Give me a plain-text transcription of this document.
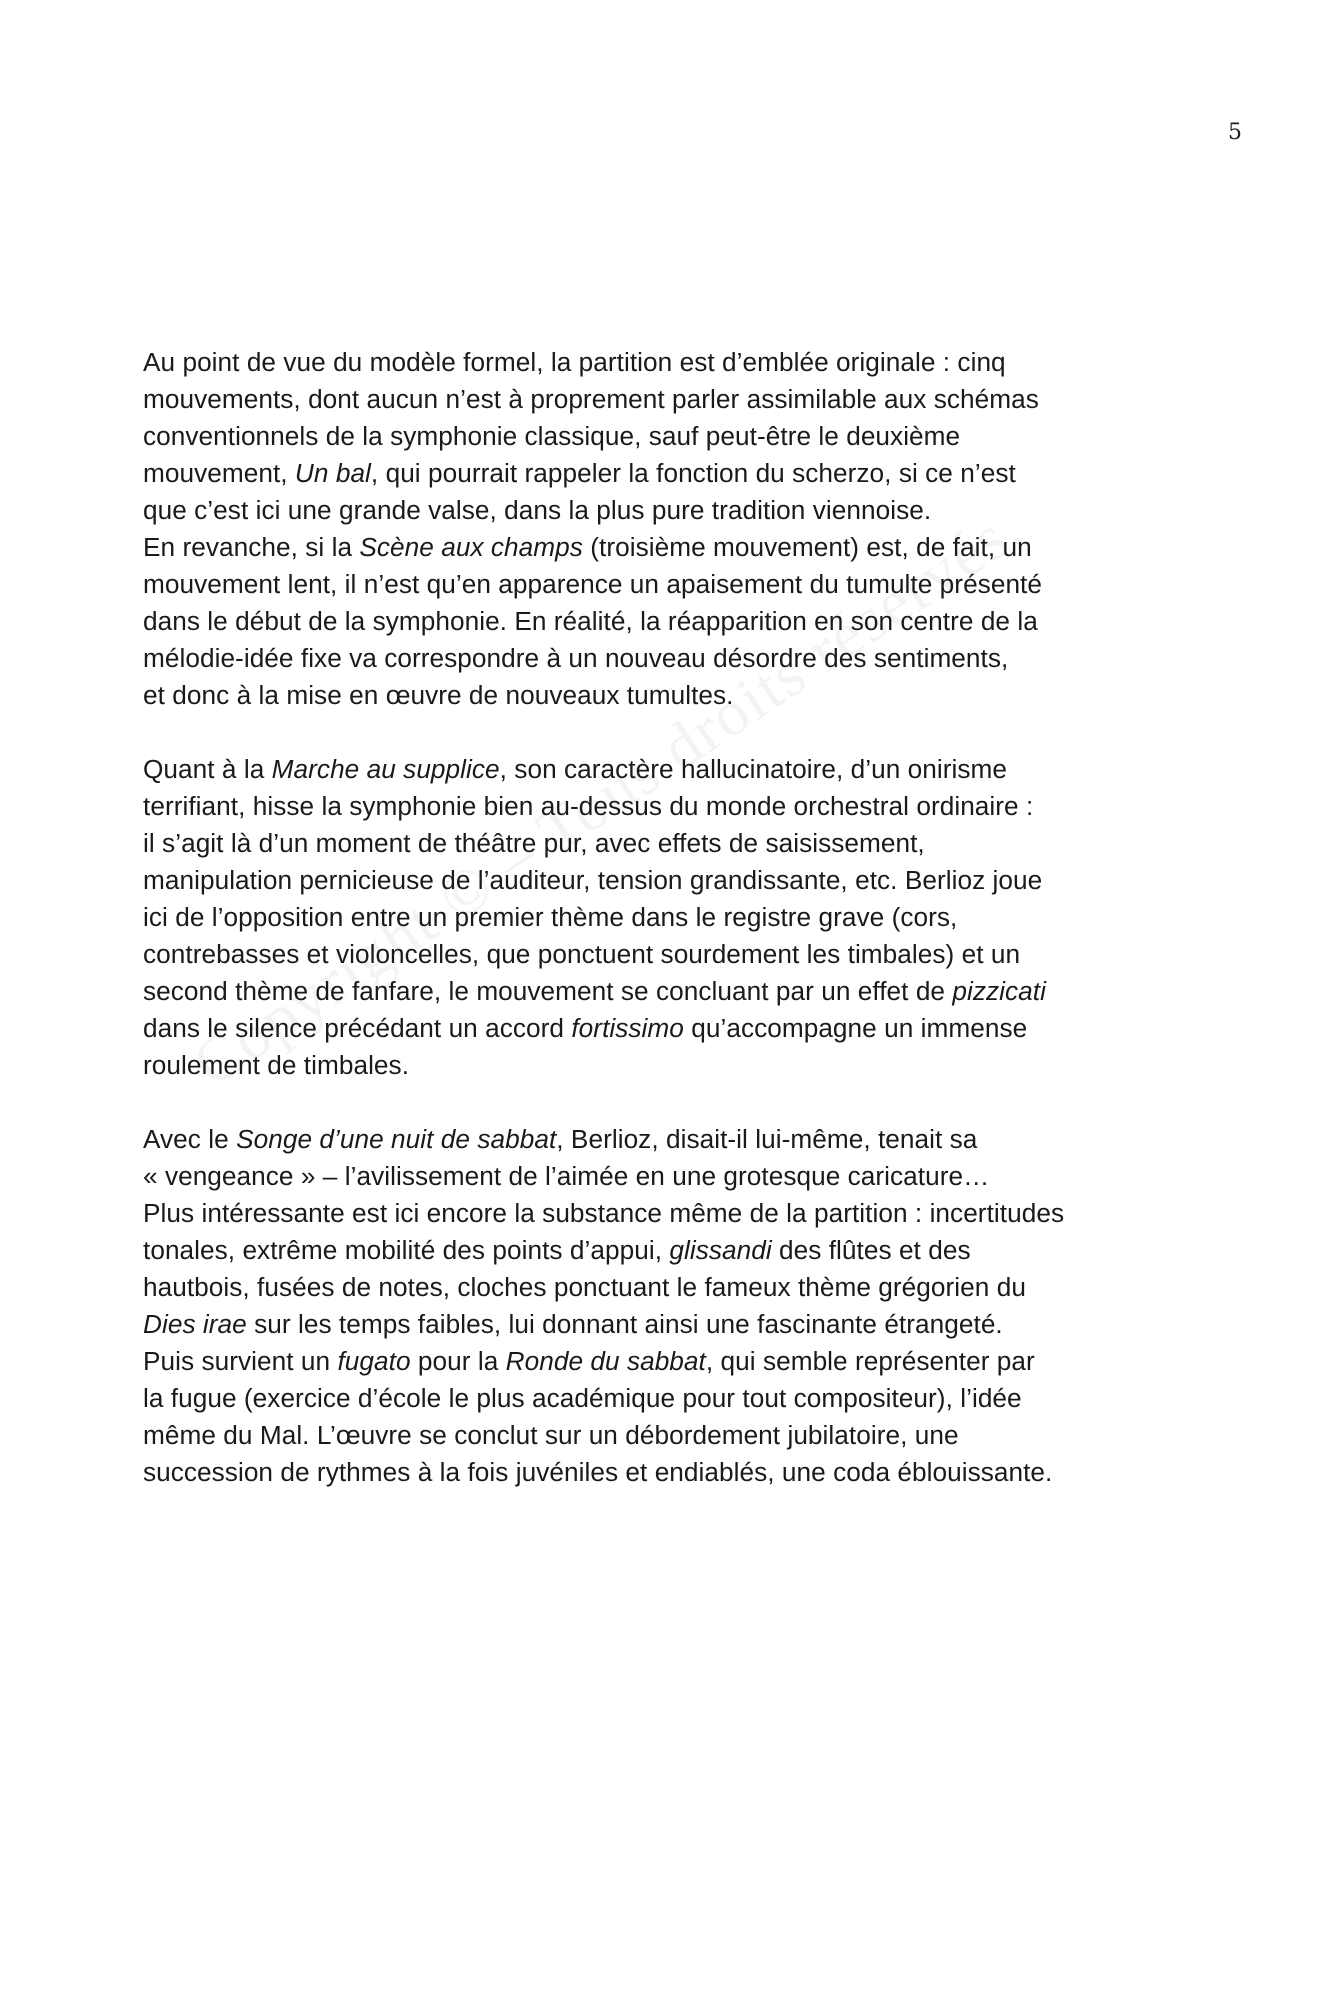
5

Au point de vue du modèle formel, la partition est d’emblée originale : cinq
mouvements, dont aucun n’est à proprement parler assimilable aux schémas
conventionnels de la symphonie classique, sauf peut-être le deuxième
mouvement, Un bal, qui pourrait rappeler la fonction du scherzo, si ce n’est
que c’est ici une grande valse, dans la plus pure tradition viennoise.

En revanche, si la Scène aux champs (troisième mouvement) est, de fait, un
mouvement lent, il n’est qu’en apparence un apaisement du tumulte présenté
dans le début de la symphonie. En réalité, la réapparition en son centre de la
mélodie-idée fixe va correspondre à un nouveau désordre des sentiments,
et donc à la mise en œuvre de nouveaux tumultes.

Quant à la Marche au supplice, son caractère hallucinatoire, d’un onirisme
terrifiant, hisse la symphonie bien au-dessus du monde orchestral ordinaire :
il s’agit là d’un moment de théâtre pur, avec effets de saisissement,
manipulation pernicieuse de l’auditeur, tension grandissante, etc. Berlioz joue
ici de l’opposition entre un premier thème dans le registre grave (cors,
contrebasses et violoncelles, que ponctuent sourdement les timbales) et un
second thème de fanfare, le mouvement se concluant par un effet de pizzicati
dans le silence précédant un accord fortissimo qu’accompagne un immense
roulement de timbales.

Avec le Songe d’une nuit de sabbat, Berlioz, disait-il lui-même, tenait sa
« vengeance » – l’avilissement de l’aimée en une grotesque caricature…
Plus intéressante est ici encore la substance même de la partition : incertitudes
tonales, extrême mobilité des points d’appui, glissandi des flûtes et des
hautbois, fusées de notes, cloches ponctuant le fameux thème grégorien du
Dies irae sur les temps faibles, lui donnant ainsi une fascinante étrangeté.
Puis survient un fugato pour la Ronde du sabbat, qui semble représenter par
la fugue (exercice d’école le plus académique pour tout compositeur), l’idée
même du Mal. L’œuvre se conclut sur un débordement jubilatoire, une
succession de rythmes à la fois juvéniles et endiablés, une coda éblouissante.
